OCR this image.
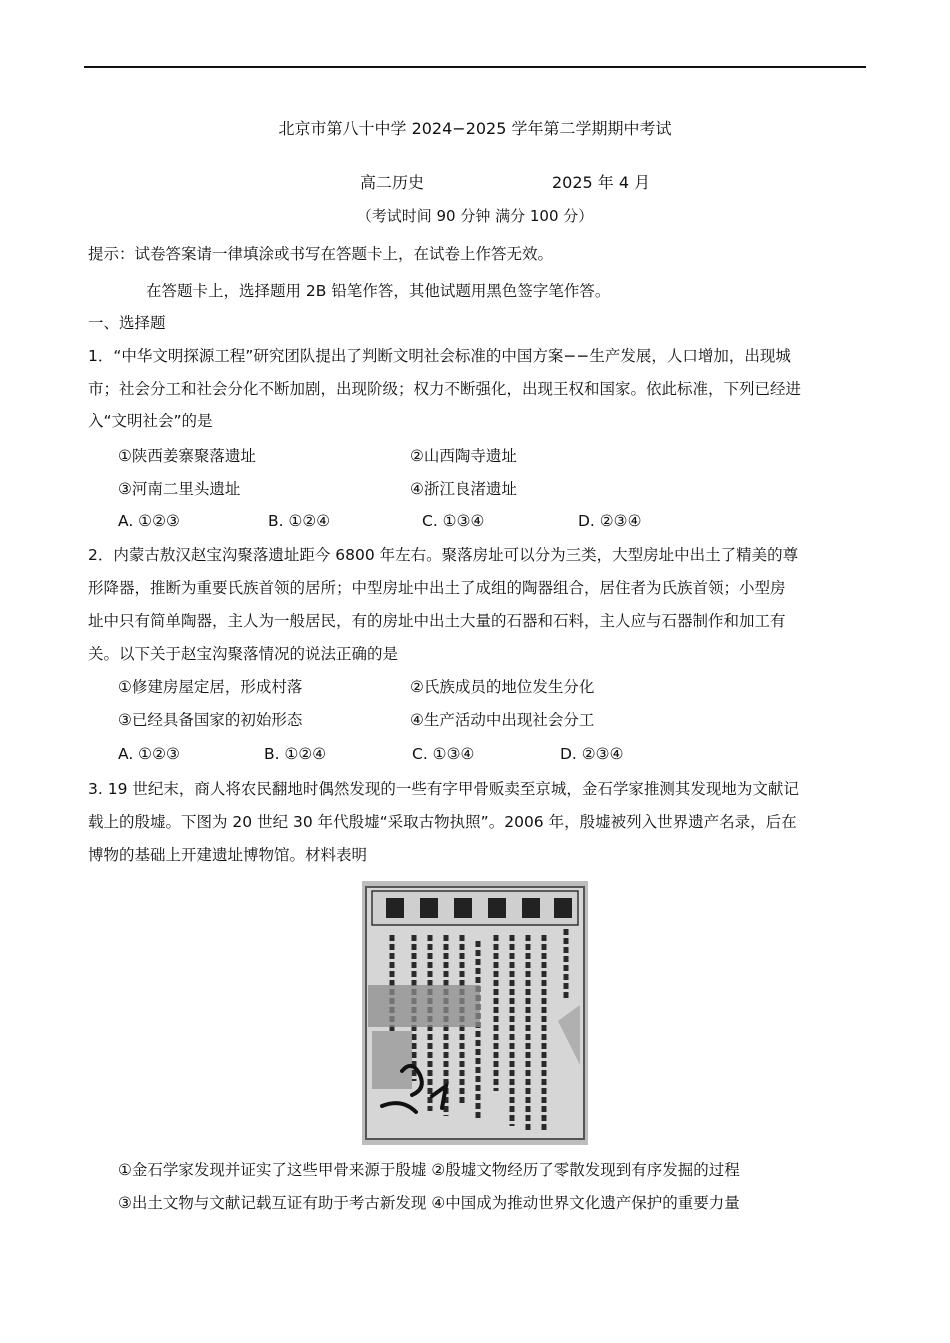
北京市第八十中学 2024−2025 学年第二学期期中考试
高二历史	2025 年 4 月
（考试时间 90 分钟 满分 100 分）
提示：试卷答案请一律填涂或书写在答题卡上，在试卷上作答无效。
在答题卡上，选择题用 2B 铅笔作答，其他试题用黑色签字笔作答。
一、选择题
1．“中华文明探源工程”研究团队提出了判断文明社会标准的中国方案−−生产发展，人口增加，出现城
市；社会分工和社会分化不断加剧，出现阶级；权力不断强化，出现王权和国家。依此标准，下列已经进
入“文明社会”的是
①陕西姜寨聚落遗址	②山西陶寺遗址
③河南二里头遗址	④浙江良渚遗址
A. ①②③	B. ①②④	C. ①③④	D. ②③④
2．内蒙古敖汉赵宝沟聚落遗址距今 6800 年左右。聚落房址可以分为三类，大型房址中出土了精美的尊
形降器，推断为重要氏族首领的居所；中型房址中出土了成组的陶器组合，居住者为氏族首领；小型房
址中只有简单陶器，主人为一般居民，有的房址中出土大量的石器和石料，主人应与石器制作和加工有
关。以下关于赵宝沟聚落情况的说法正确的是
①修建房屋定居，形成村落	②氏族成员的地位发生分化
③已经具备国家的初始形态	④生产活动中出现社会分工
A. ①②③	B. ①②④	C. ①③④	D. ②③④
3. 19 世纪末，商人将农民翻地时偶然发现的一些有字甲骨贩卖至京城，金石学家推测其发现地为文献记
载上的殷墟。下图为 20 世纪 30 年代殷墟“采取古物执照”。2006 年，殷墟被列入世界遗产名录，后在
博物的基础上开建遗址博物馆。材料表明
①金石学家发现并证实了这些甲骨来源于殷墟 ②殷墟文物经历了零散发现到有序发掘的过程
③出土文物与文献记载互证有助于考古新发现 ④中国成为推动世界文化遗产保护的重要力量
